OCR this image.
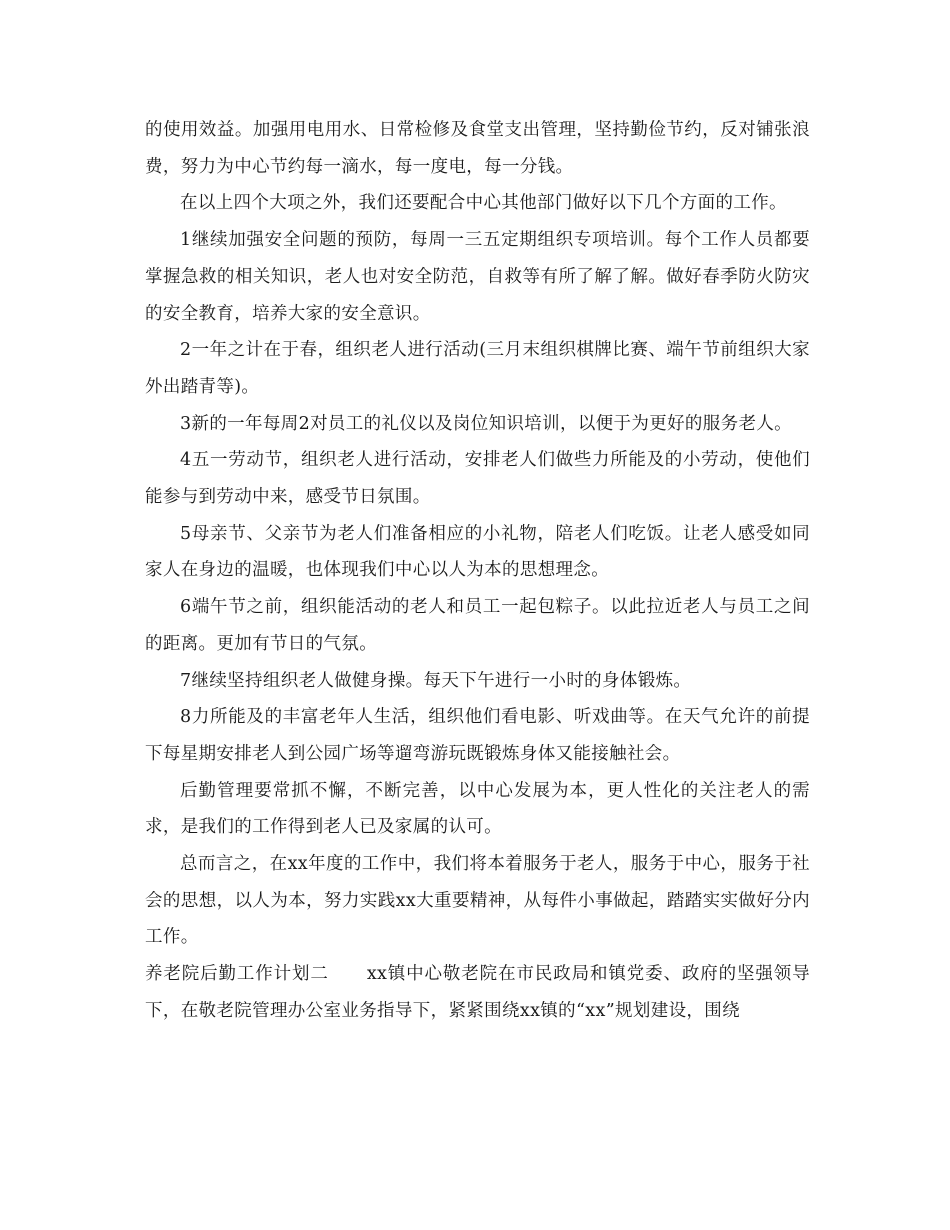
的使用效益。加强用电用水、日常检修及食堂支出管理，坚持勤俭节约，反对铺张浪费，努力为中心节约每一滴水，每一度电，每一分钱。

在以上四个大项之外，我们还要配合中心其他部门做好以下几个方面的工作。

1继续加强安全问题的预防，每周一三五定期组织专项培训。每个工作人员都要掌握急救的相关知识，老人也对安全防范，自救等有所了解了解。做好春季防火防灾的安全教育，培养大家的安全意识。

2一年之计在于春，组织老人进行活动(三月末组织棋牌比赛、端午节前组织大家外出踏青等)。

3新的一年每周2对员工的礼仪以及岗位知识培训，以便于为更好的服务老人。

4五一劳动节，组织老人进行活动，安排老人们做些力所能及的小劳动，使他们能参与到劳动中来，感受节日氛围。

5母亲节、父亲节为老人们准备相应的小礼物，陪老人们吃饭。让老人感受如同家人在身边的温暖，也体现我们中心以人为本的思想理念。

6端午节之前，组织能活动的老人和员工一起包粽子。以此拉近老人与员工之间的距离。更加有节日的气氛。

7继续坚持组织老人做健身操。每天下午进行一小时的身体锻炼。

8力所能及的丰富老年人生活，组织他们看电影、听戏曲等。在天气允许的前提下每星期安排老人到公园广场等遛弯游玩既锻炼身体又能接触社会。

后勤管理要常抓不懈，不断完善，以中心发展为本，更人性化的关注老人的需求，是我们的工作得到老人已及家属的认可。

总而言之，在xx年度的工作中，我们将本着服务于老人，服务于中心，服务于社会的思想，以人为本，努力实践xx大重要精神，从每件小事做起，踏踏实实做好分内工作。

养老院后勤工作计划二 xx镇中心敬老院在市民政局和镇党委、政府的坚强领导下，在敬老院管理办公室业务指导下，紧紧围绕xx镇的“xx”规划建设，围绕
